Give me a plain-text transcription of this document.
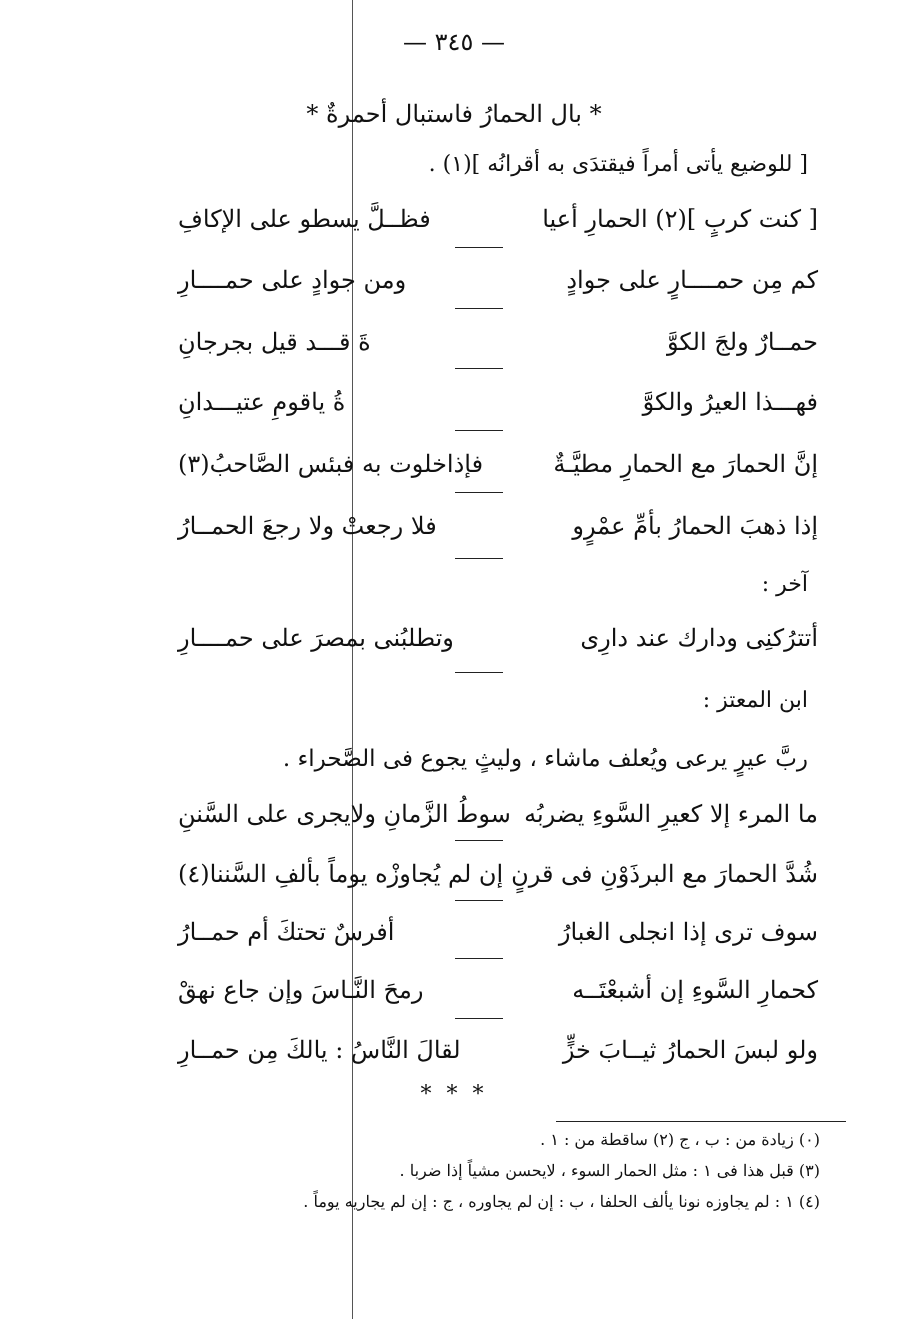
— ٣٤٥ —
* بال الحمارُ فاستبال أحمرةٌ *
[ للوضيع يأتى أمراً فيقتدَى به أقرانُه ](١) .
[ كنت كربٍ ](٢) الحمارِ أعيا
فظــلَّ يسطو على الإكافِ
كم مِن حمــــارٍ على جوادٍ
ومن جوادٍ على حمــــارِ
حمــارٌ ولجَ الكوَّ
ةَ قـــد قيل بجرجانِ
فهـــذا العيرُ والكوَّ
ةُ ياقومِ عتيـــدانِ
إنَّ الحمارَ مع الحمارِ مطيَّـةٌ
فإذاخلوت به فبئس الصَّاحبُ(٣)
إذا ذهبَ الحمارُ بأمِّ عمْرٍو
فلا رجعتْ ولا رجعَ الحمــارُ
آخر :
أتترُكنِى ودارك عند دارِى
وتطلبُنى بمصرَ على حمــــارِ
ابن المعتز :
ربَّ عيرٍ يرعى ويُعلف ماشاء ، وليثٍ يجوع فى الصَّحراء .
ما المرء إلا كعيرِ السَّوءِ يضربُه
سوطُ الزَّمانِ ولايجرى على السَّننِ
شُدَّ الحمارَ مع البرذَوْنِ فى قرنٍ
إن لم يُجاوزْه يوماً بألفِ السَّننا(٤)
سوف ترى إذا انجلى الغبارُ
أفرسٌ تحتكَ أم حمــارُ
كحمارِ السَّوءِ إن أشبعْتَــه
رمحَ النَّـاسَ وإن جاع نهقْ
ولو لبسَ الحمارُ ثيــابَ خزٍّ
لقالَ النَّاسُ : يالكَ مِن حمــارِ
* * *
(٠) زيادة من : ب ، ج (٢) ساقطة من : ١ .
(٣) قبل هذا فى ١ : مثل الحمار السوء ، لايحسن مشياً إذا ضربا .
(٤) ١ : لم يجاوزه نونا يألف الحلفا ، ب : إن لم يجاوره ، ج : إن لم يجاريه يوماً .
